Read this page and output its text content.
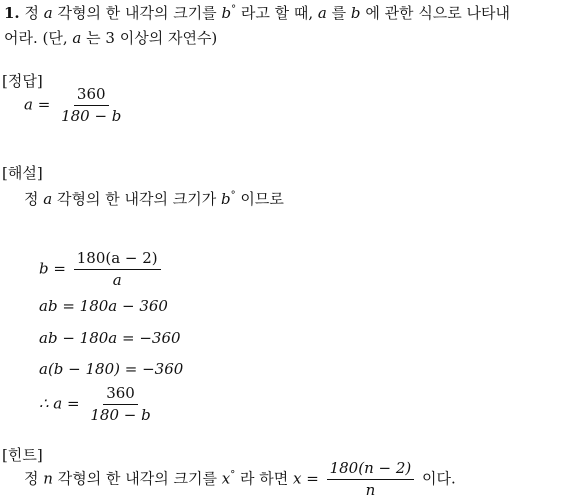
1. 정 a 각형의 한 내각의 크기를 b° 라고 할 때, a 를 b 에 관한 식으로 나타내
어라. (단, a 는 3 이상의 자연수)
[정답]
$a = \frac{360}{180 - b}$
[해설]
정 a 각형의 한 내각의 크기가 b° 이므로
$b = \frac{180(a - 2)}{a}$
ab = 180a − 360
ab − 180a = −360
a(b − 180) = −360
∴ $a = \frac{360}{180 - b}$
[힌트]
정 n 각형의 한 내각의 크기를 x° 라 하면 $x = \frac{180(n - 2)}{n}$ 이다.
